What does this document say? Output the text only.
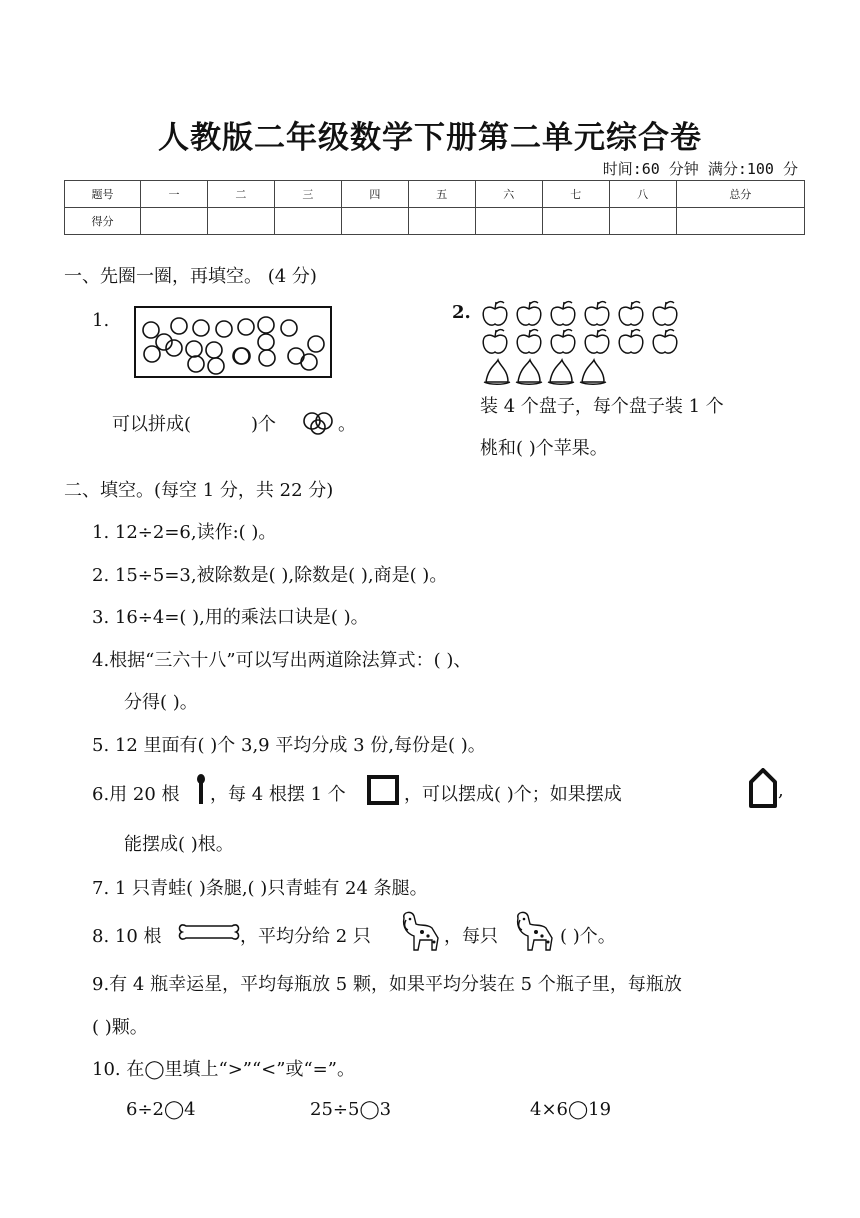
人教版二年级数学下册第二单元综合卷
时间:60 分钟 满分:100 分
题号	一	二	三	四	五	六	七	八	总分
得分									
一、先圈一圈，再填空。 (4 分)
1.
可以拼成(	)个	。
2.
装 4 个盘子，每个盘子装 1 个
桃和( )个苹果。
二、填空。(每空 1 分，共 22 分)
1. 12÷2=6,读作:( )。
2. 15÷5=3,被除数是( ),除数是( ),商是( )。
3. 16÷4=( ),用的乘法口诀是( )。
4.根据“三六十八”可以写出两道除法算式：( )、
分得( )。
5. 12 里面有( )个 3,9 平均分成 3 份,每份是( )。
6.用 20 根 ，每 4 根摆 1 个	，可以摆成( )个；如果摆成	,
能摆成( )根。
7. 1 只青蛙( )条腿,( )只青蛙有 24 条腿。
8. 10 根	，平均分给 2 只	，每只	( )个。
9.有 4 瓶幸运星，平均每瓶放 5 颗，如果平均分装在 5 个瓶子里，每瓶放
( )颗。
10. 在◯里填上“>”“<”或“=”。
6÷2◯4	25÷5◯3	4×6◯19
